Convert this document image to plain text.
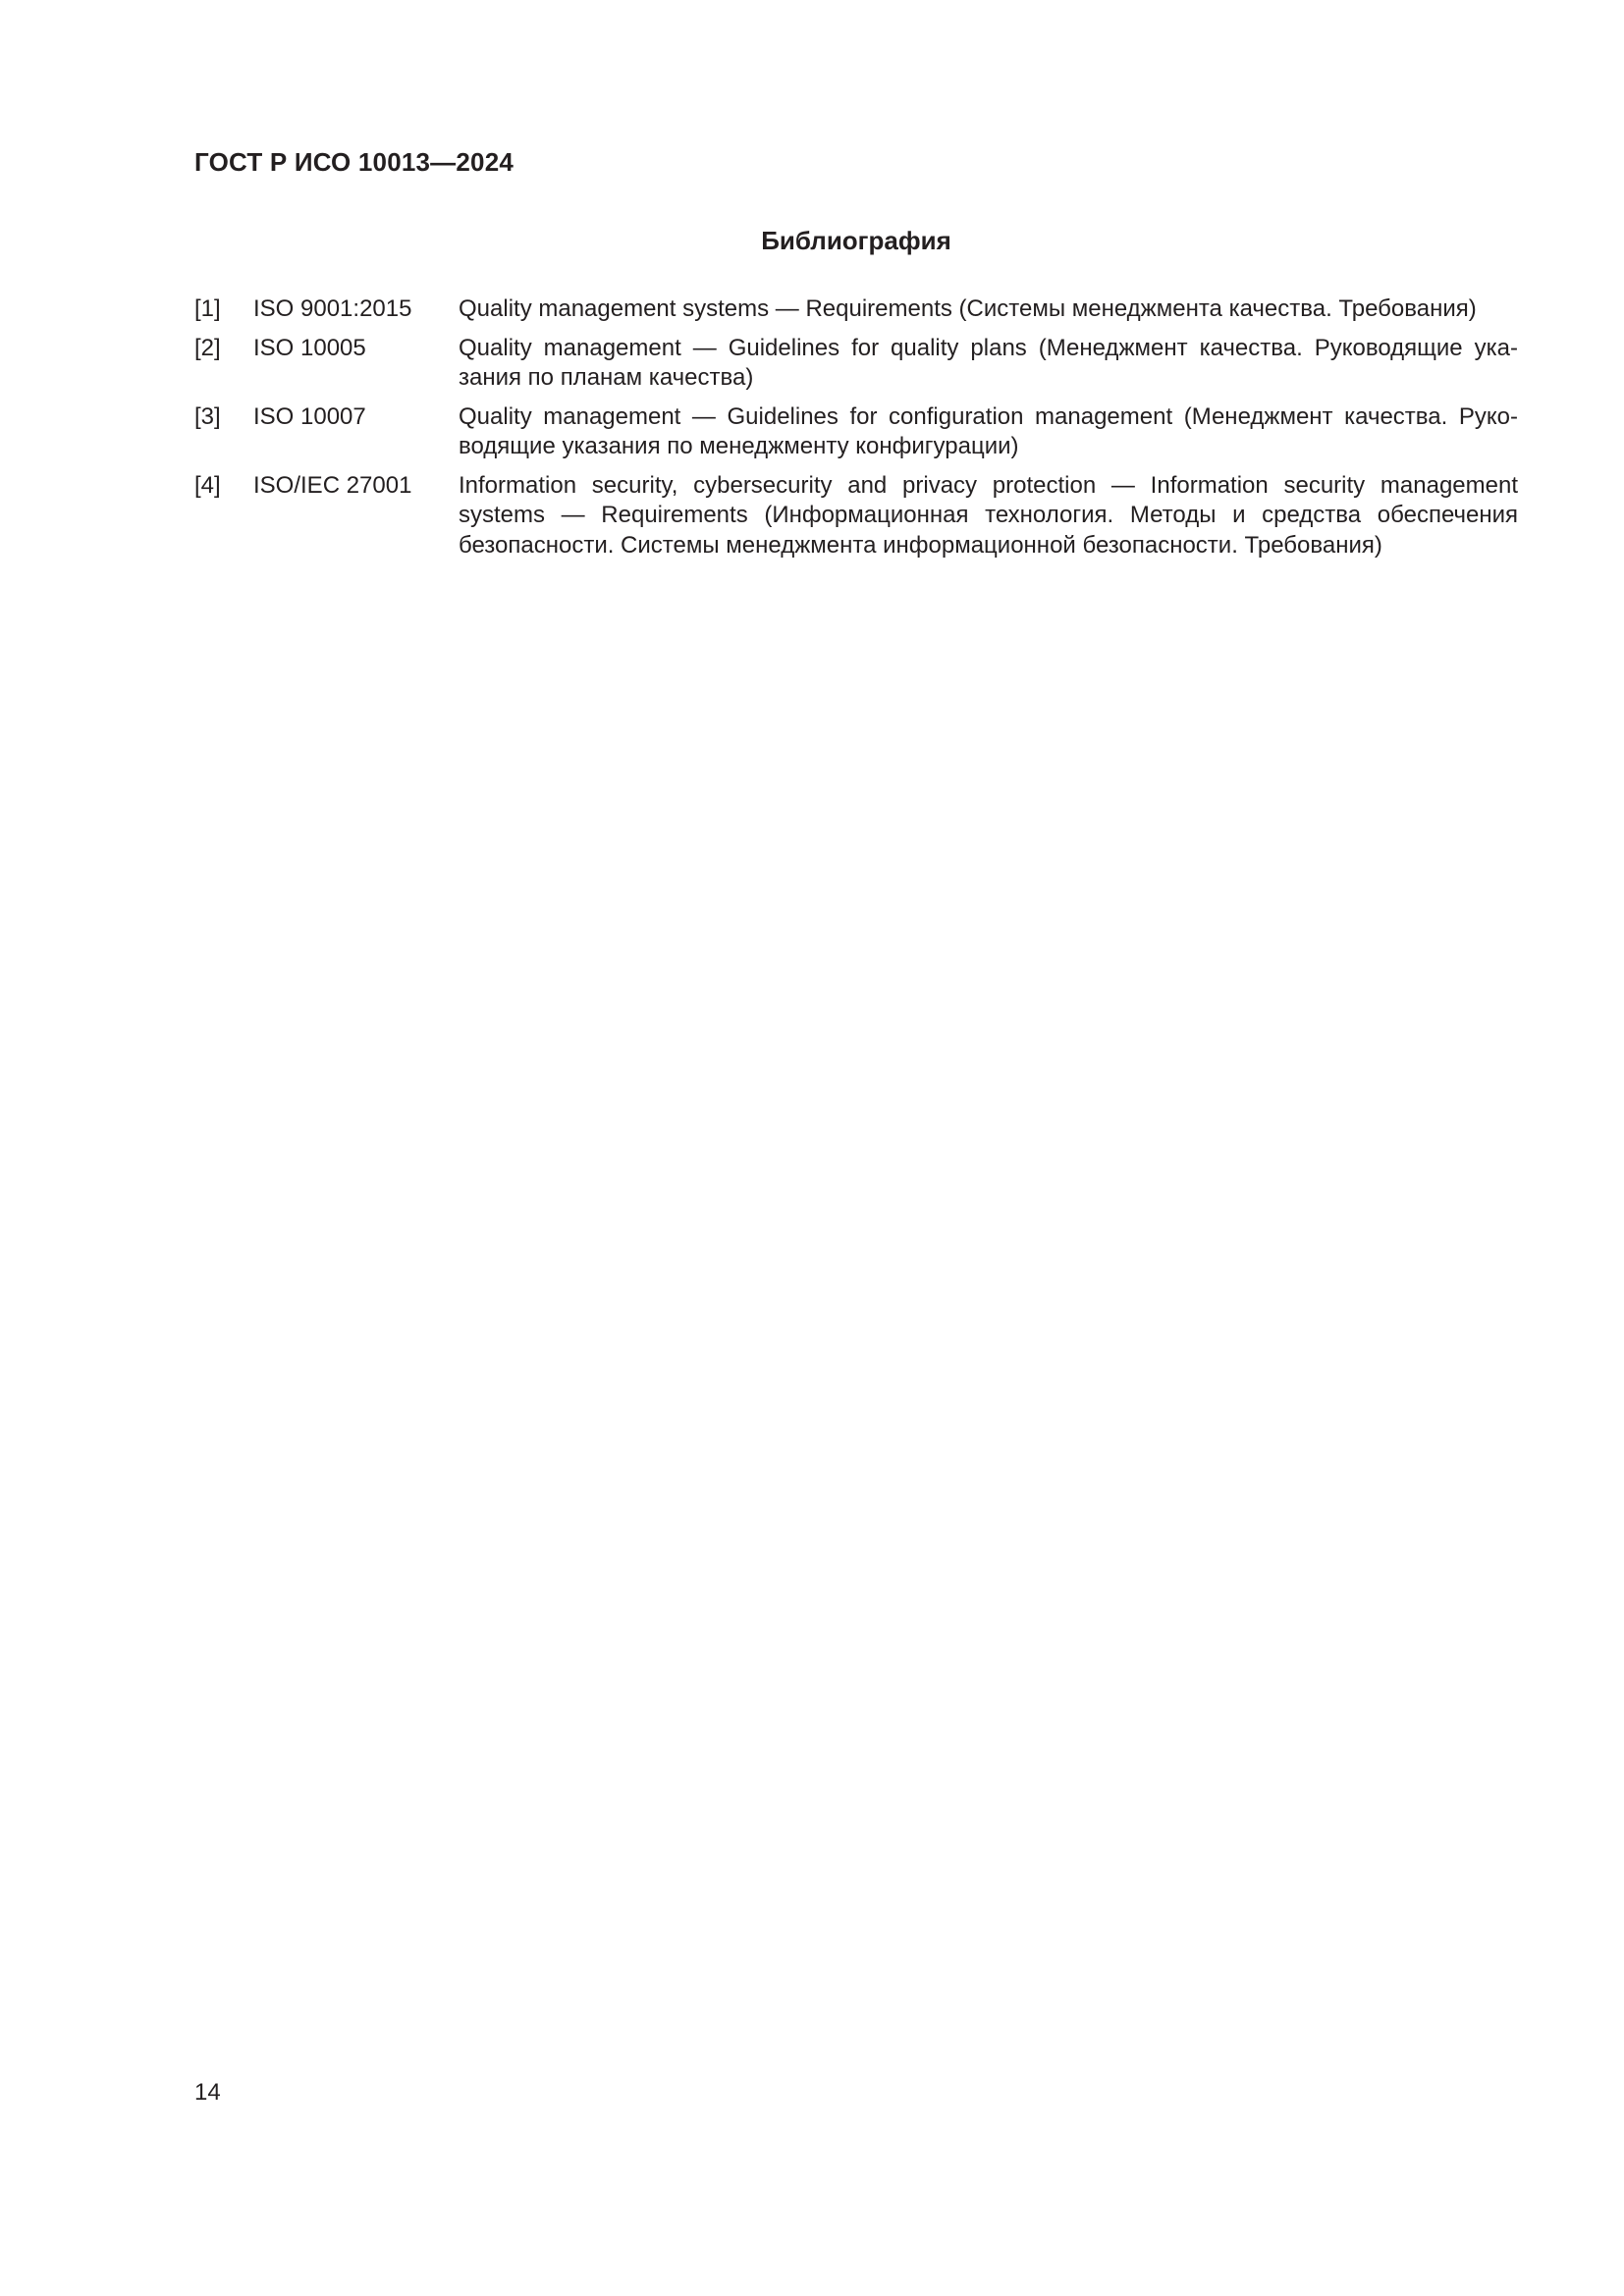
ГОСТ Р ИСО 10013—2024
Библиография
[1]	ISO 9001:2015	Quality management systems — Requirements (Системы менеджмента качества. Требования)
[2]	ISO 10005	Quality management — Guidelines for quality plans (Менеджмент качества. Руководящие указания по планам качества)
[3]	ISO 10007	Quality management — Guidelines for configuration management (Менеджмент качества. Руководящие указания по менеджменту конфигурации)
[4]	ISO/IEC 27001	Information security, cybersecurity and privacy protection — Information security management systems — Requirements (Информационная технология. Методы и средства обеспечения безопасности. Системы менеджмента информационной безопасности. Требования)
14
